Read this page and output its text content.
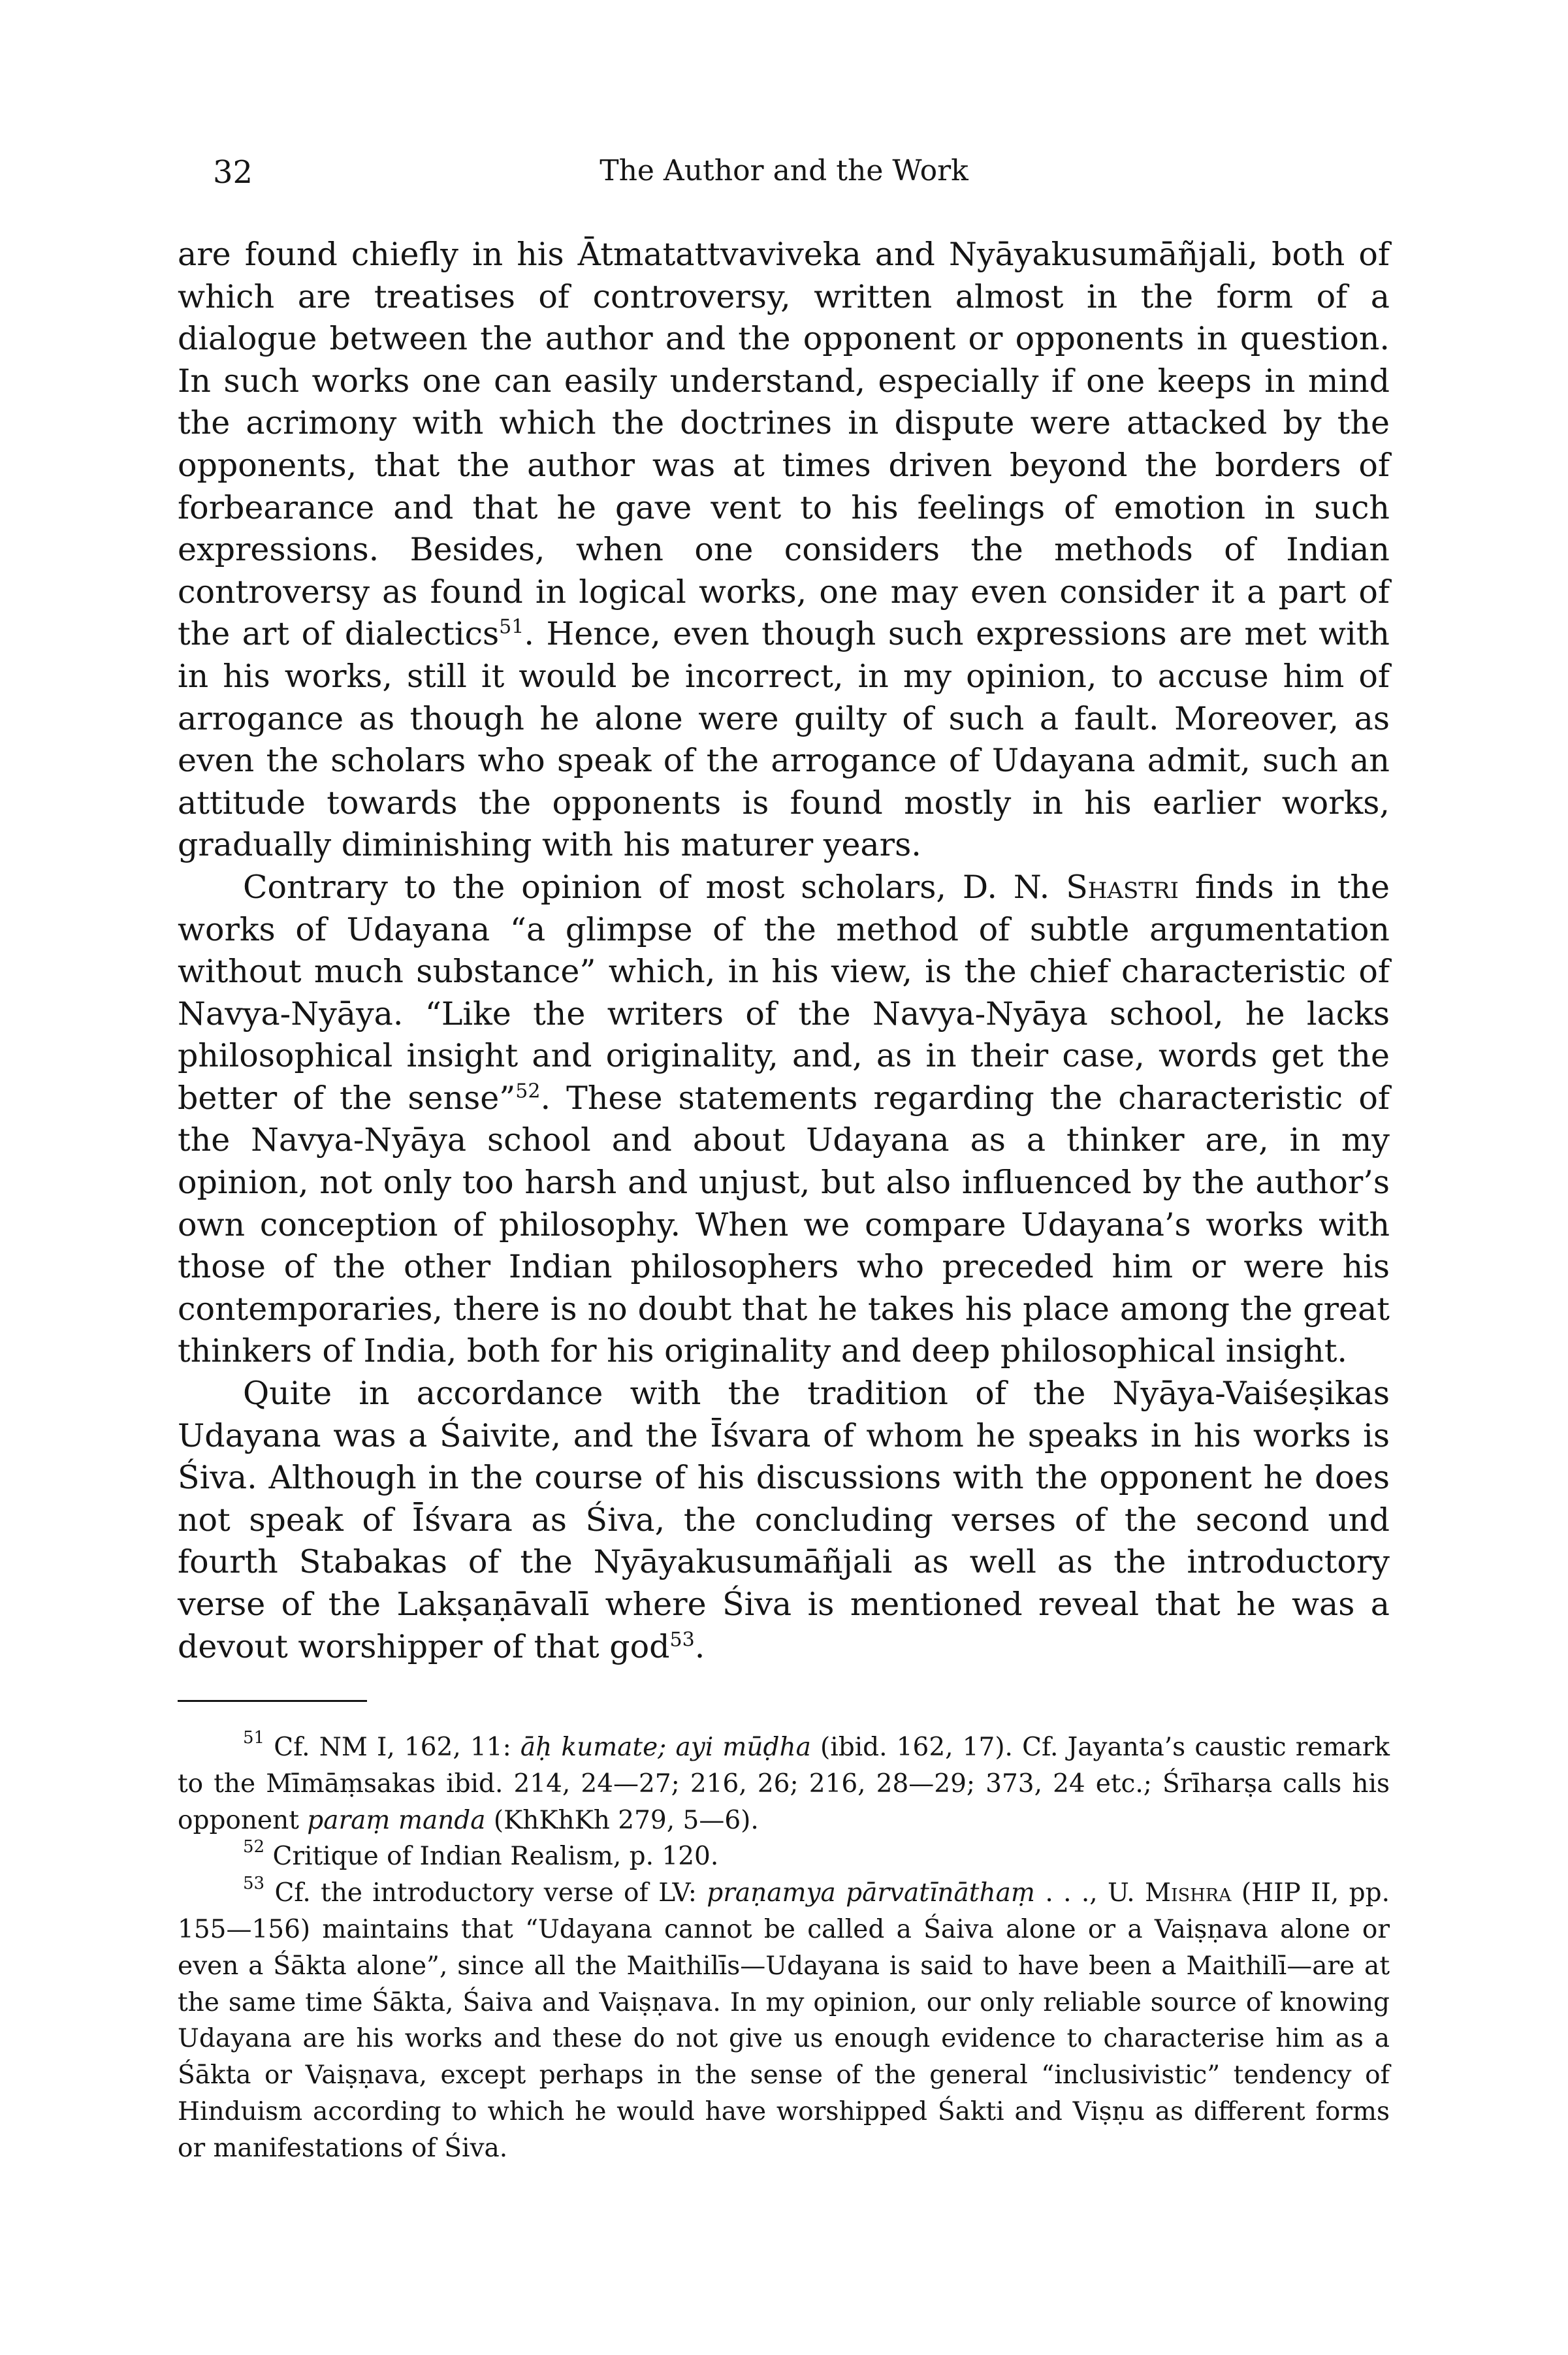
32	The Author and the Work

are found chiefly in his Ātmatattvaviveka and Nyāyakusumāñjali, both of which are treatises of controversy, written almost in the form of a dialogue between the author and the opponent or opponents in question. In such works one can easily understand, especially if one keeps in mind the acrimony with which the doctrines in dispute were attacked by the opponents, that the author was at times driven beyond the borders of forbearance and that he gave vent to his feelings of emotion in such expressions. Besides, when one considers the methods of Indian controversy as found in logical works, one may even consider it a part of the art of dialectics$^{51}$. Hence, even though such expressions are met with in his works, still it would be incorrect, in my opinion, to accuse him of arrogance as though he alone were guilty of such a fault. Moreover, as even the scholars who speak of the arrogance of Udayana admit, such an attitude towards the opponents is found mostly in his earlier works, gradually diminishing with his maturer years.

Contrary to the opinion of most scholars, D. N. Shastri finds in the works of Udayana “a glimpse of the method of subtle argumentation without much substance” which, in his view, is the chief characteristic of Navya-Nyāya. “Like the writers of the Navya-Nyāya school, he lacks philosophical insight and originality, and, as in their case, words get the better of the sense”$^{52}$. These statements regarding the characteristic of the Navya-Nyāya school and about Udayana as a thinker are, in my opinion, not only too harsh and unjust, but also influenced by the author’s own conception of philosophy. When we compare Udayana’s works with those of the other Indian philosophers who preceded him or were his contemporaries, there is no doubt that he takes his place among the great thinkers of India, both for his originality and deep philosophical insight.

Quite in accordance with the tradition of the Nyāya-Vaiśeṣikas Udayana was a Śaivite, and the Īśvara of whom he speaks in his works is Śiva. Although in the course of his discussions with the opponent he does not speak of Īśvara as Śiva, the concluding verses of the second und fourth Stabakas of the Nyāyakusumāñjali as well as the introductory verse of the Lakṣaṇāvalī where Śiva is mentioned reveal that he was a devout worshipper of that god$^{53}$.

$^{51}$ Cf. NM I, 162, 11: āḥ kumate; ayi mūḍha (ibid. 162, 17). Cf. Jayanta’s caustic remark to the Mīmāṃsakas ibid. 214, 24—27; 216, 26; 216, 28—29; 373, 24 etc.; Śrīharṣa calls his opponent paraṃ manda (KhKhKh 279, 5—6).

$^{52}$ Critique of Indian Realism, p. 120.

$^{53}$ Cf. the introductory verse of LV: praṇamya pārvatīnāthaṃ . . ., U. Mishra (HIP II, pp. 155—156) maintains that “Udayana cannot be called a Śaiva alone or a Vaiṣṇava alone or even a Śākta alone”, since all the Maithilīs—Udayana is said to have been a Maithilī—are at the same time Śākta, Śaiva and Vaiṣṇava. In my opinion, our only reliable source of knowing Udayana are his works and these do not give us enough evidence to characterise him as a Śākta or Vaiṣṇava, except perhaps in the sense of the general “inclusivistic” tendency of Hinduism according to which he would have worshipped Śakti and Viṣṇu as different forms or manifestations of Śiva.
